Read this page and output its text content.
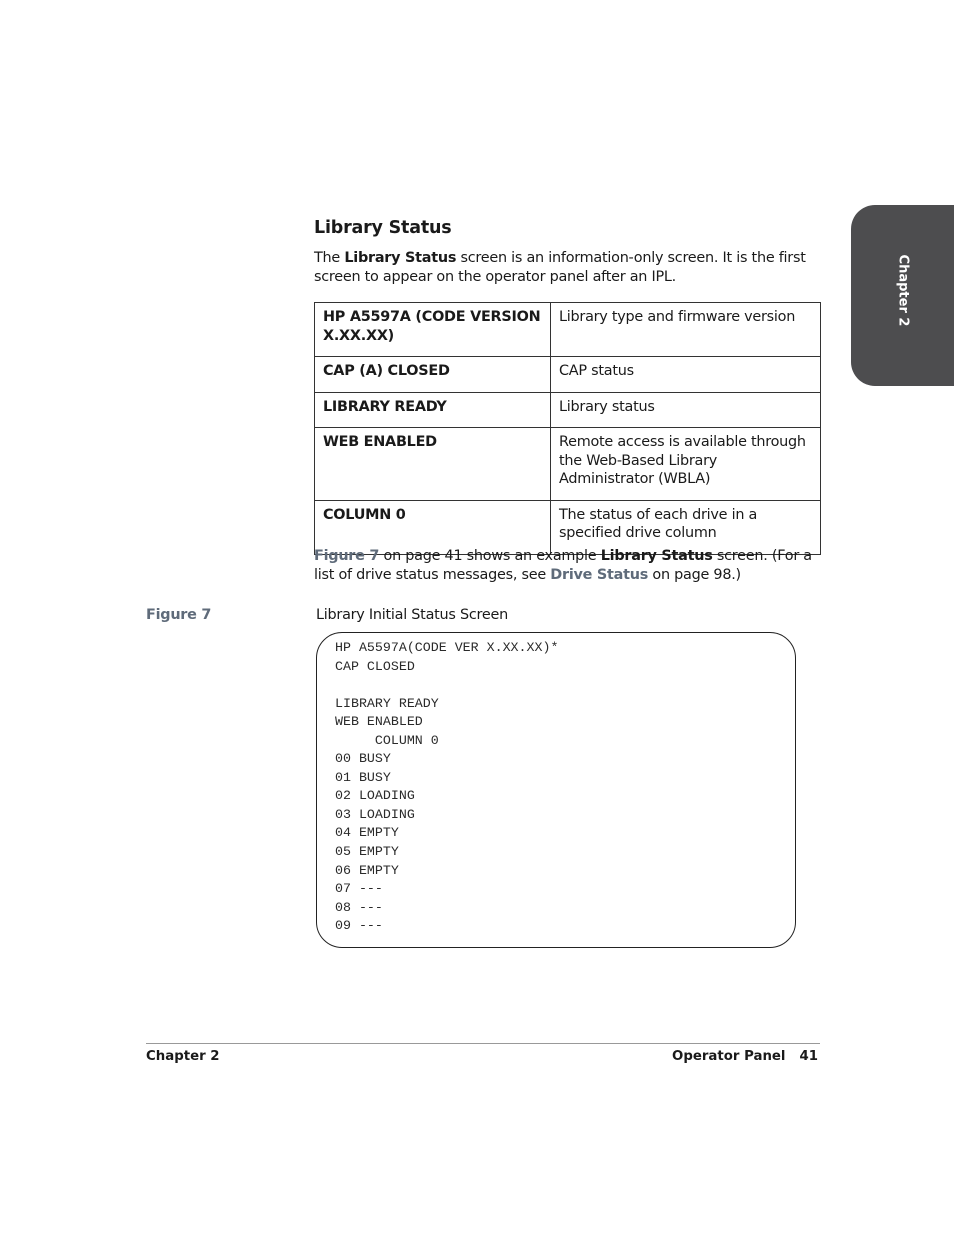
Chapter 2
Library Status

The Library Status screen is an information-only screen. It is the first screen to appear on the operator panel after an IPL.

HP A5597A (CODE VERSION X.XX.XX)	Library type and firmware version
CAP (A) CLOSED	CAP status
LIBRARY READY	Library status
WEB ENABLED	Remote access is available through the Web-Based Library Administrator (WBLA)
COLUMN 0	The status of each drive in a specified drive column

Figure 7 on page 41 shows an example Library Status screen. (For a list of drive status messages, see Drive Status on page 98.)

Figure 7	Library Initial Status Screen
HP A5597A(CODE VER X.XX.XX)*
CAP CLOSED
LIBRARY READY
WEB ENABLED
COLUMN 0
00 BUSY
01 BUSY
02 LOADING
03 LOADING
04 EMPTY
05 EMPTY
06 EMPTY
07 ---
08 ---
09 ---
Chapter 2	Operator Panel 41
